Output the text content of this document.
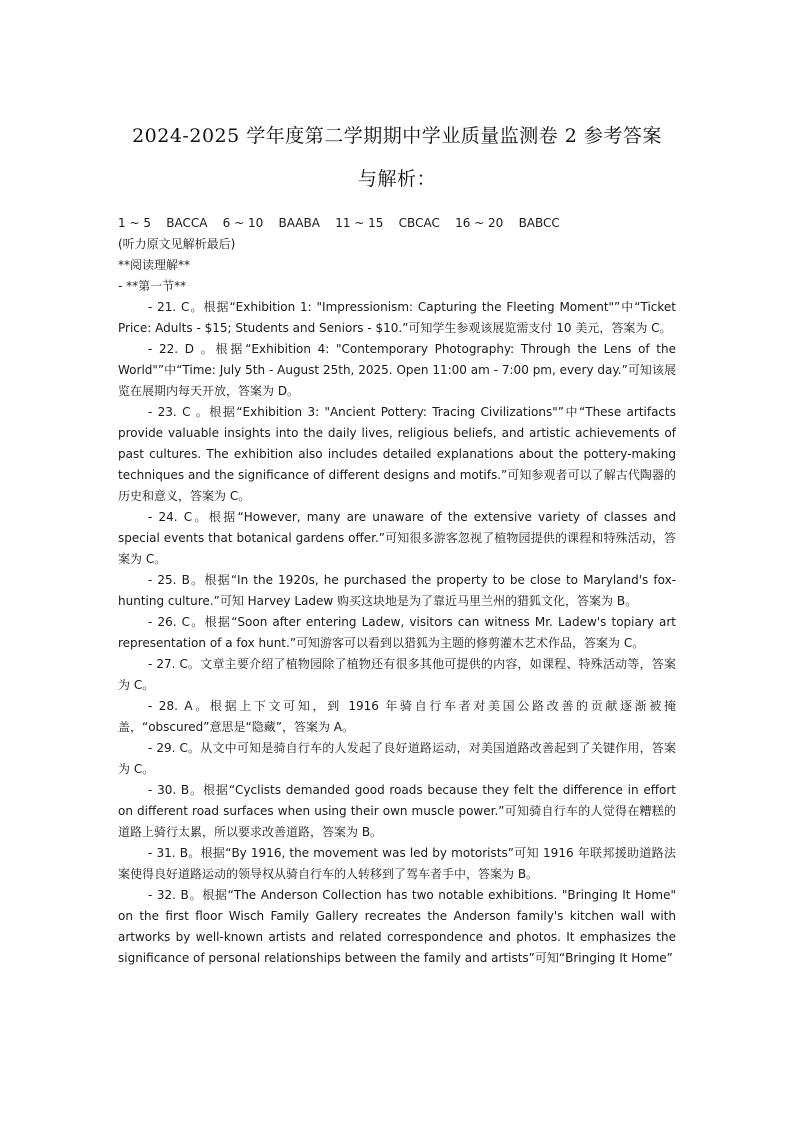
2024-2025 学年度第二学期期中学业质量监测卷 2 参考答案
与解析：

1 ~ 5    BACCA    6 ~ 10    BAABA    11 ~ 15    CBCAC    16 ~ 20    BABCC

(听力原文见解析最后)

**阅读理解**

- **第一节**

- 21. C。根据“Exhibition 1: "Impressionism: Capturing the Fleeting Moment"”中“Ticket Price: Adults - $15; Students and Seniors - $10.”可知学生参观该展览需支付 10 美元，答案为 C。

- 22. D 。根据“Exhibition 4: "Contemporary Photography: Through the Lens of the World"”中“Time: July 5th - August 25th, 2025. Open 11:00 am - 7:00 pm, every day.”可知该展览在展期内每天开放，答案为 D。

- 23. C 。根据“Exhibition 3: "Ancient Pottery: Tracing Civilizations"”中“These artifacts provide valuable insights into the daily lives, religious beliefs, and artistic achievements of past cultures. The exhibition also includes detailed explanations about the pottery-making techniques and the significance of different designs and motifs.”可知参观者可以了解古代陶器的历史和意义，答案为 C。

- 24. C。根据“However, many are unaware of the extensive variety of classes and special events that botanical gardens offer.”可知很多游客忽视了植物园提供的课程和特殊活动，答案为 C。

- 25. B。根据“In the 1920s, he purchased the property to be close to Maryland's fox-hunting culture.”可知 Harvey Ladew 购买这块地是为了靠近马里兰州的猎狐文化，答案为 B。

- 26. C。根据“Soon after entering Ladew, visitors can witness Mr. Ladew's topiary art representation of a fox hunt.”可知游客可以看到以猎狐为主题的修剪灌木艺术作品，答案为 C。

- 27. C。文章主要介绍了植物园除了植物还有很多其他可提供的内容，如课程、特殊活动等，答案为 C。

- 28. A。根据上下文可知，到 1916 年骑自行车者对美国公路改善的贡献逐渐被掩盖，“obscured”意思是“隐藏”，答案为 A。

- 29. C。从文中可知是骑自行车的人发起了良好道路运动，对美国道路改善起到了关键作用，答案为 C。

- 30. B。根据“Cyclists demanded good roads because they felt the difference in effort on different road surfaces when using their own muscle power.”可知骑自行车的人觉得在糟糕的道路上骑行太累，所以要求改善道路，答案为 B。

- 31. B。根据“By 1916, the movement was led by motorists”可知 1916 年联邦援助道路法案使得良好道路运动的领导权从骑自行车的人转移到了驾车者手中，答案为 B。

- 32. B。根据“The Anderson Collection has two notable exhibitions. "Bringing It Home" on the first floor Wisch Family Gallery recreates the Anderson family's kitchen wall with artworks by well-known artists and related correspondence and photos. It emphasizes the significance of personal relationships between the family and artists”可知“Bringing It Home”
